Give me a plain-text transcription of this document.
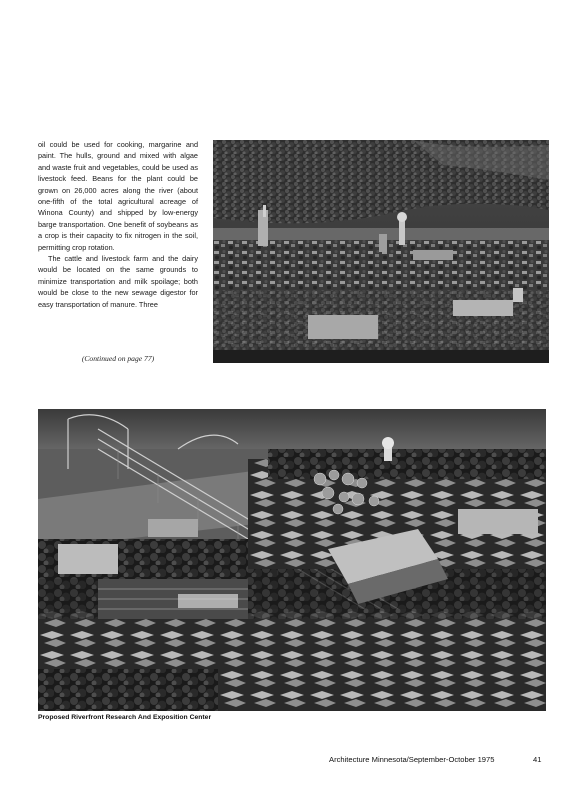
oil could be used for cooking, margarine and paint. The hulls, ground and mixed with algae and waste fruit and vegetables, could be used as livestock feed. Beans for the plant could be grown on 26,000 acres along the river (about one-fifth of the total agricultural acreage of Winona County) and shipped by low-energy barge transportation. One benefit of soybeans as a crop is their capacity to fix nitrogen in the soil, permitting crop rotation.

The cattle and livestock farm and the dairy would be located on the same grounds to minimize transportation and milk spoilage; both would be close to the new sewage digestor for easy transportation of manure. Three

(Continued on page 77)
Proposed Riverfront Research And Exposition Center
Architecture Minnesota/September-October 1975	41
